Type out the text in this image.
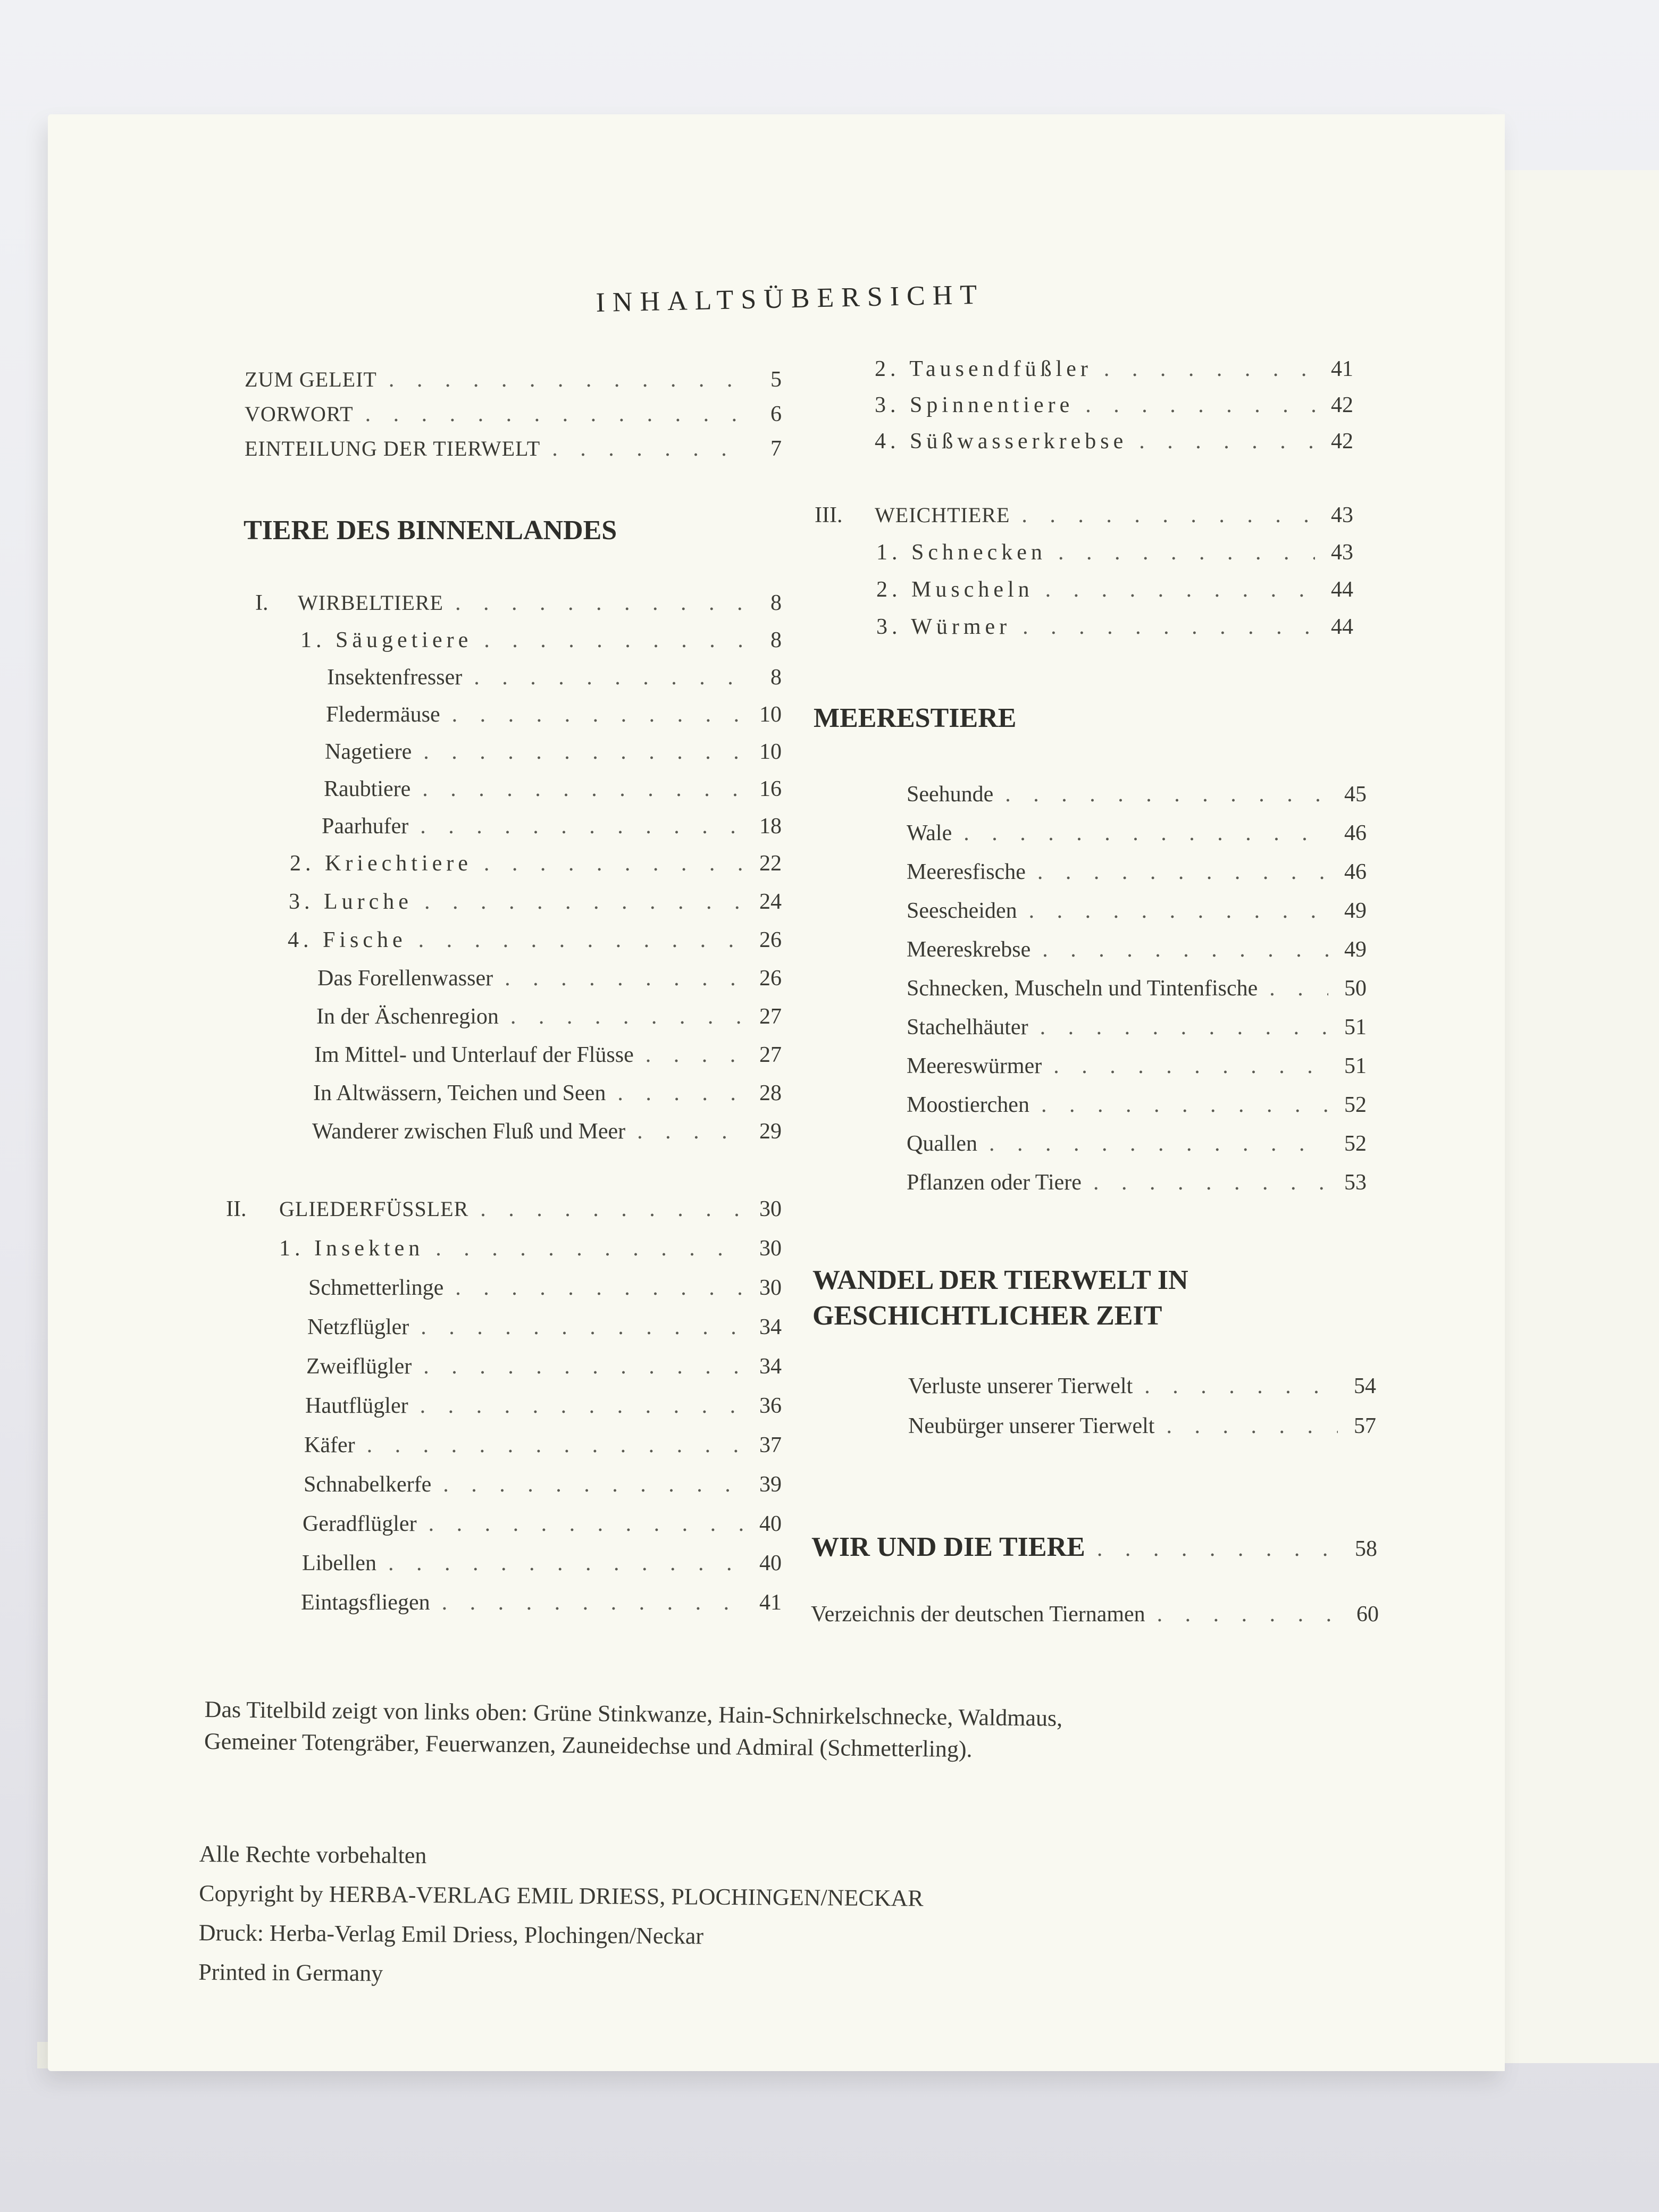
INHALTSÜBERSICHT
ZUM GELEIT . . .	5
VORWORT . . .	6
EINTEILUNG DER TIERWELT . . .	7
TIERE DES BINNENLANDES
I.	WIRBELTIERE . . .	8
1. Säugetiere . . .	8
Insektenfresser . . .	8
Fledermäuse . . .	10
Nagetiere . . .	10
Raubtiere . . .	16
Paarhufer . . .	18
2. Kriechtiere . . .	22
3. Lurche . . .	24
4. Fische . . .	26
Das Forellenwasser . . .	26
In der Äschenregion . . .	27
Im Mittel- und Unterlauf der Flüsse . . .	27
In Altwässern, Teichen und Seen . . .	28
Wanderer zwischen Fluß und Meer . . .	29
II.	GLIEDERFÜSSLER . . .	30
1. Insekten . . .	30
Schmetterlinge . . .	30
Netzflügler . . .	34
Zweiflügler . . .	34
Hautflügler . . .	36
Käfer . . .	37
Schnabelkerfe . . .	39
Geradflügler . . .	40
Libellen . . .	40
Eintagsfliegen . . .	41
2. Tausendfüßler . . .	41
3. Spinnentiere . . .	42
4. Süßwasserkrebse . . .	42
III.	WEICHTIERE . . .	43
1. Schnecken . . .	43
2. Muscheln . . .	44
3. Würmer . . .	44
MEERESTIERE
Seehunde . . .	45
Wale . . .	46
Meeresfische . . .	46
Seescheiden . . .	49
Meereskrebse . . .	49
Schnecken, Muscheln und Tintenfische . . .	50
Stachelhäuter . . .	51
Meereswürmer . . .	51
Moostierchen . . .	52
Quallen . . .	52
Pflanzen oder Tiere . . .	53
WANDEL DER TIERWELT IN
GESCHICHTLICHER ZEIT
Verluste unserer Tierwelt . . .	54
Neubürger unserer Tierwelt . . .	57
WIR UND DIE TIERE . . .	58
Verzeichnis der deutschen Tiernamen . . .	60
Das Titelbild zeigt von links oben: Grüne Stinkwanze, Hain-Schnirkelschnecke, Waldmaus,
Gemeiner Totengräber, Feuerwanzen, Zauneidechse und Admiral (Schmetterling).
Alle Rechte vorbehalten
Copyright by HERBA-VERLAG EMIL DRIESS, PLOCHINGEN/NECKAR
Druck: Herba-Verlag Emil Driess, Plochingen/Neckar
Printed in Germany
